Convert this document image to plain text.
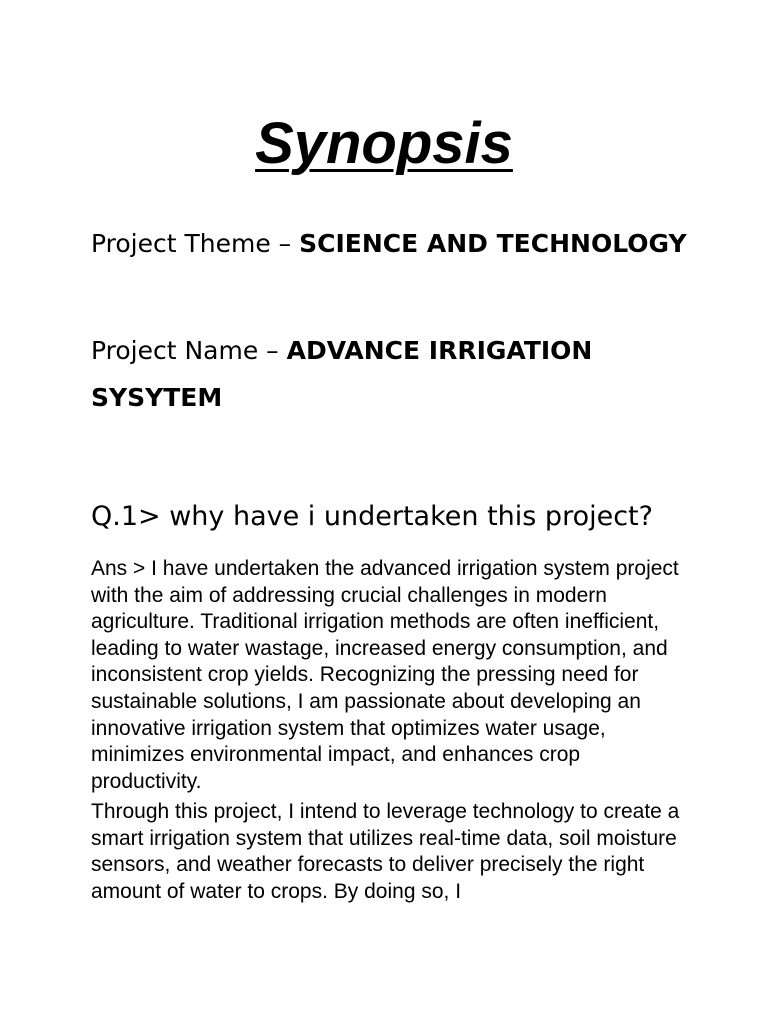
Synopsis

Project Theme – SCIENCE AND TECHNOLOGY

Project Name – ADVANCE IRRIGATION SYSYTEM

Q.1> why have i undertaken this project?

Ans > I have undertaken the advanced irrigation system project with the aim of addressing crucial challenges in modern agriculture. Traditional irrigation methods are often inefficient, leading to water wastage, increased energy consumption, and inconsistent crop yields. Recognizing the pressing need for sustainable solutions, I am passionate about developing an innovative irrigation system that optimizes water usage, minimizes environmental impact, and enhances crop productivity.

Through this project, I intend to leverage technology to create a smart irrigation system that utilizes real-time data, soil moisture sensors, and weather forecasts to deliver precisely the right amount of water to crops. By doing so, I
